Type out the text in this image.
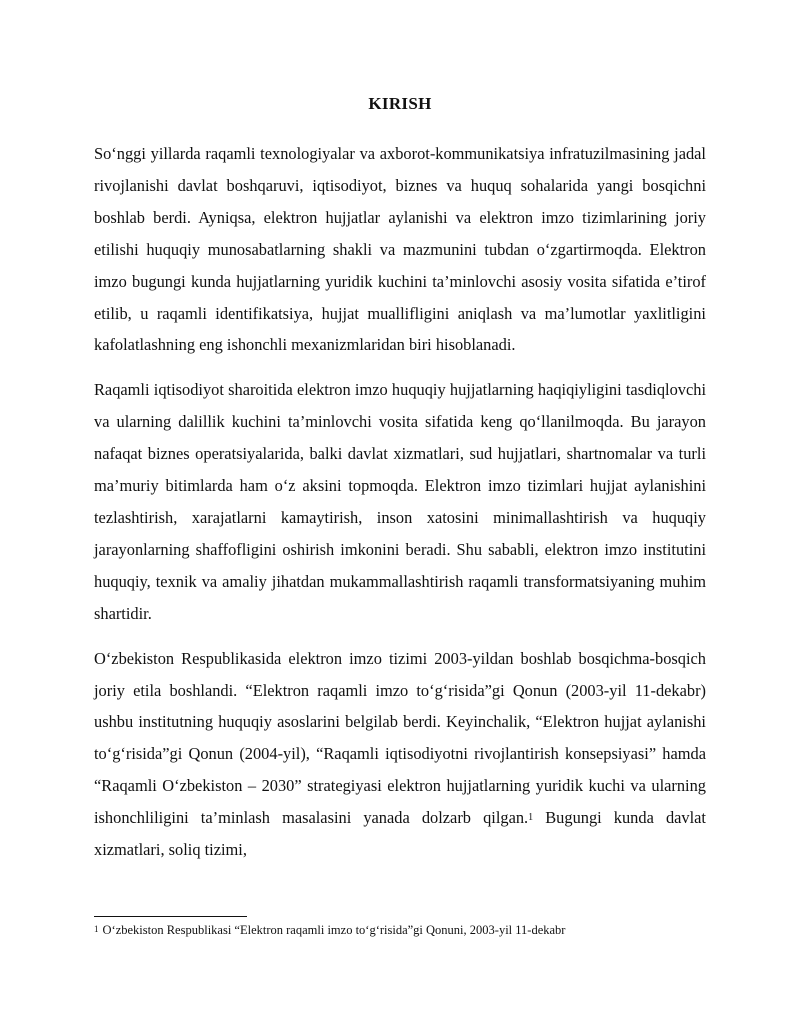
KIRISH

So‘nggi yillarda raqamli texnologiyalar va axborot-kommunikatsiya infratuzilmasining jadal rivojlanishi davlat boshqaruvi, iqtisodiyot, biznes va huquq sohalarida yangi bosqichni boshlab berdi. Ayniqsa, elektron hujjatlar aylanishi va elektron imzo tizimlarining joriy etilishi huquqiy munosabatlarning shakli va mazmunini tubdan o‘zgartirmoqda. Elektron imzo bugungi kunda hujjatlarning yuridik kuchini ta’minlovchi asosiy vosita sifatida e’tirof etilib, u raqamli identifikatsiya, hujjat muallifligini aniqlash va ma’lumotlar yaxlitligini kafolatlashning eng ishonchli mexanizmlaridan biri hisoblanadi.

Raqamli iqtisodiyot sharoitida elektron imzo huquqiy hujjatlarning haqiqiyligini tasdiqlovchi va ularning dalillik kuchini ta’minlovchi vosita sifatida keng qo‘llanilmoqda. Bu jarayon nafaqat biznes operatsiyalarida, balki davlat xizmatlari, sud hujjatlari, shartnomalar va turli ma’muriy bitimlarda ham o‘z aksini topmoqda. Elektron imzo tizimlari hujjat aylanishini tezlashtirish, xarajatlarni kamaytirish, inson xatosini minimallashtirish va huquqiy jarayonlarning shaffofligini oshirish imkonini beradi. Shu sababli, elektron imzo institutini huquqiy, texnik va amaliy jihatdan mukammallashtirish raqamli transformatsiyaning muhim shartidir.

O‘zbekiston Respublikasida elektron imzo tizimi 2003-yildan boshlab bosqichma-bosqich joriy etila boshlandi. “Elektron raqamli imzo to‘g‘risida”gi Qonun (2003-yil 11-dekabr) ushbu institutning huquqiy asoslarini belgilab berdi. Keyinchalik, “Elektron hujjat aylanishi to‘g‘risida”gi Qonun (2004-yil), “Raqamli iqtisodiyotni rivojlantirish konsepsiyasi” hamda “Raqamli O‘zbekiston – 2030” strategiyasi elektron hujjatlarning yuridik kuchi va ularning ishonchliligini ta’minlash masalasini yanada dolzarb qilgan.$^1$ Bugungi kunda davlat xizmatlari, soliq tizimi,

$^1$ O‘zbekiston Respublikasi “Elektron raqamli imzo to‘g‘risida”gi Qonuni, 2003-yil 11-dekabr
